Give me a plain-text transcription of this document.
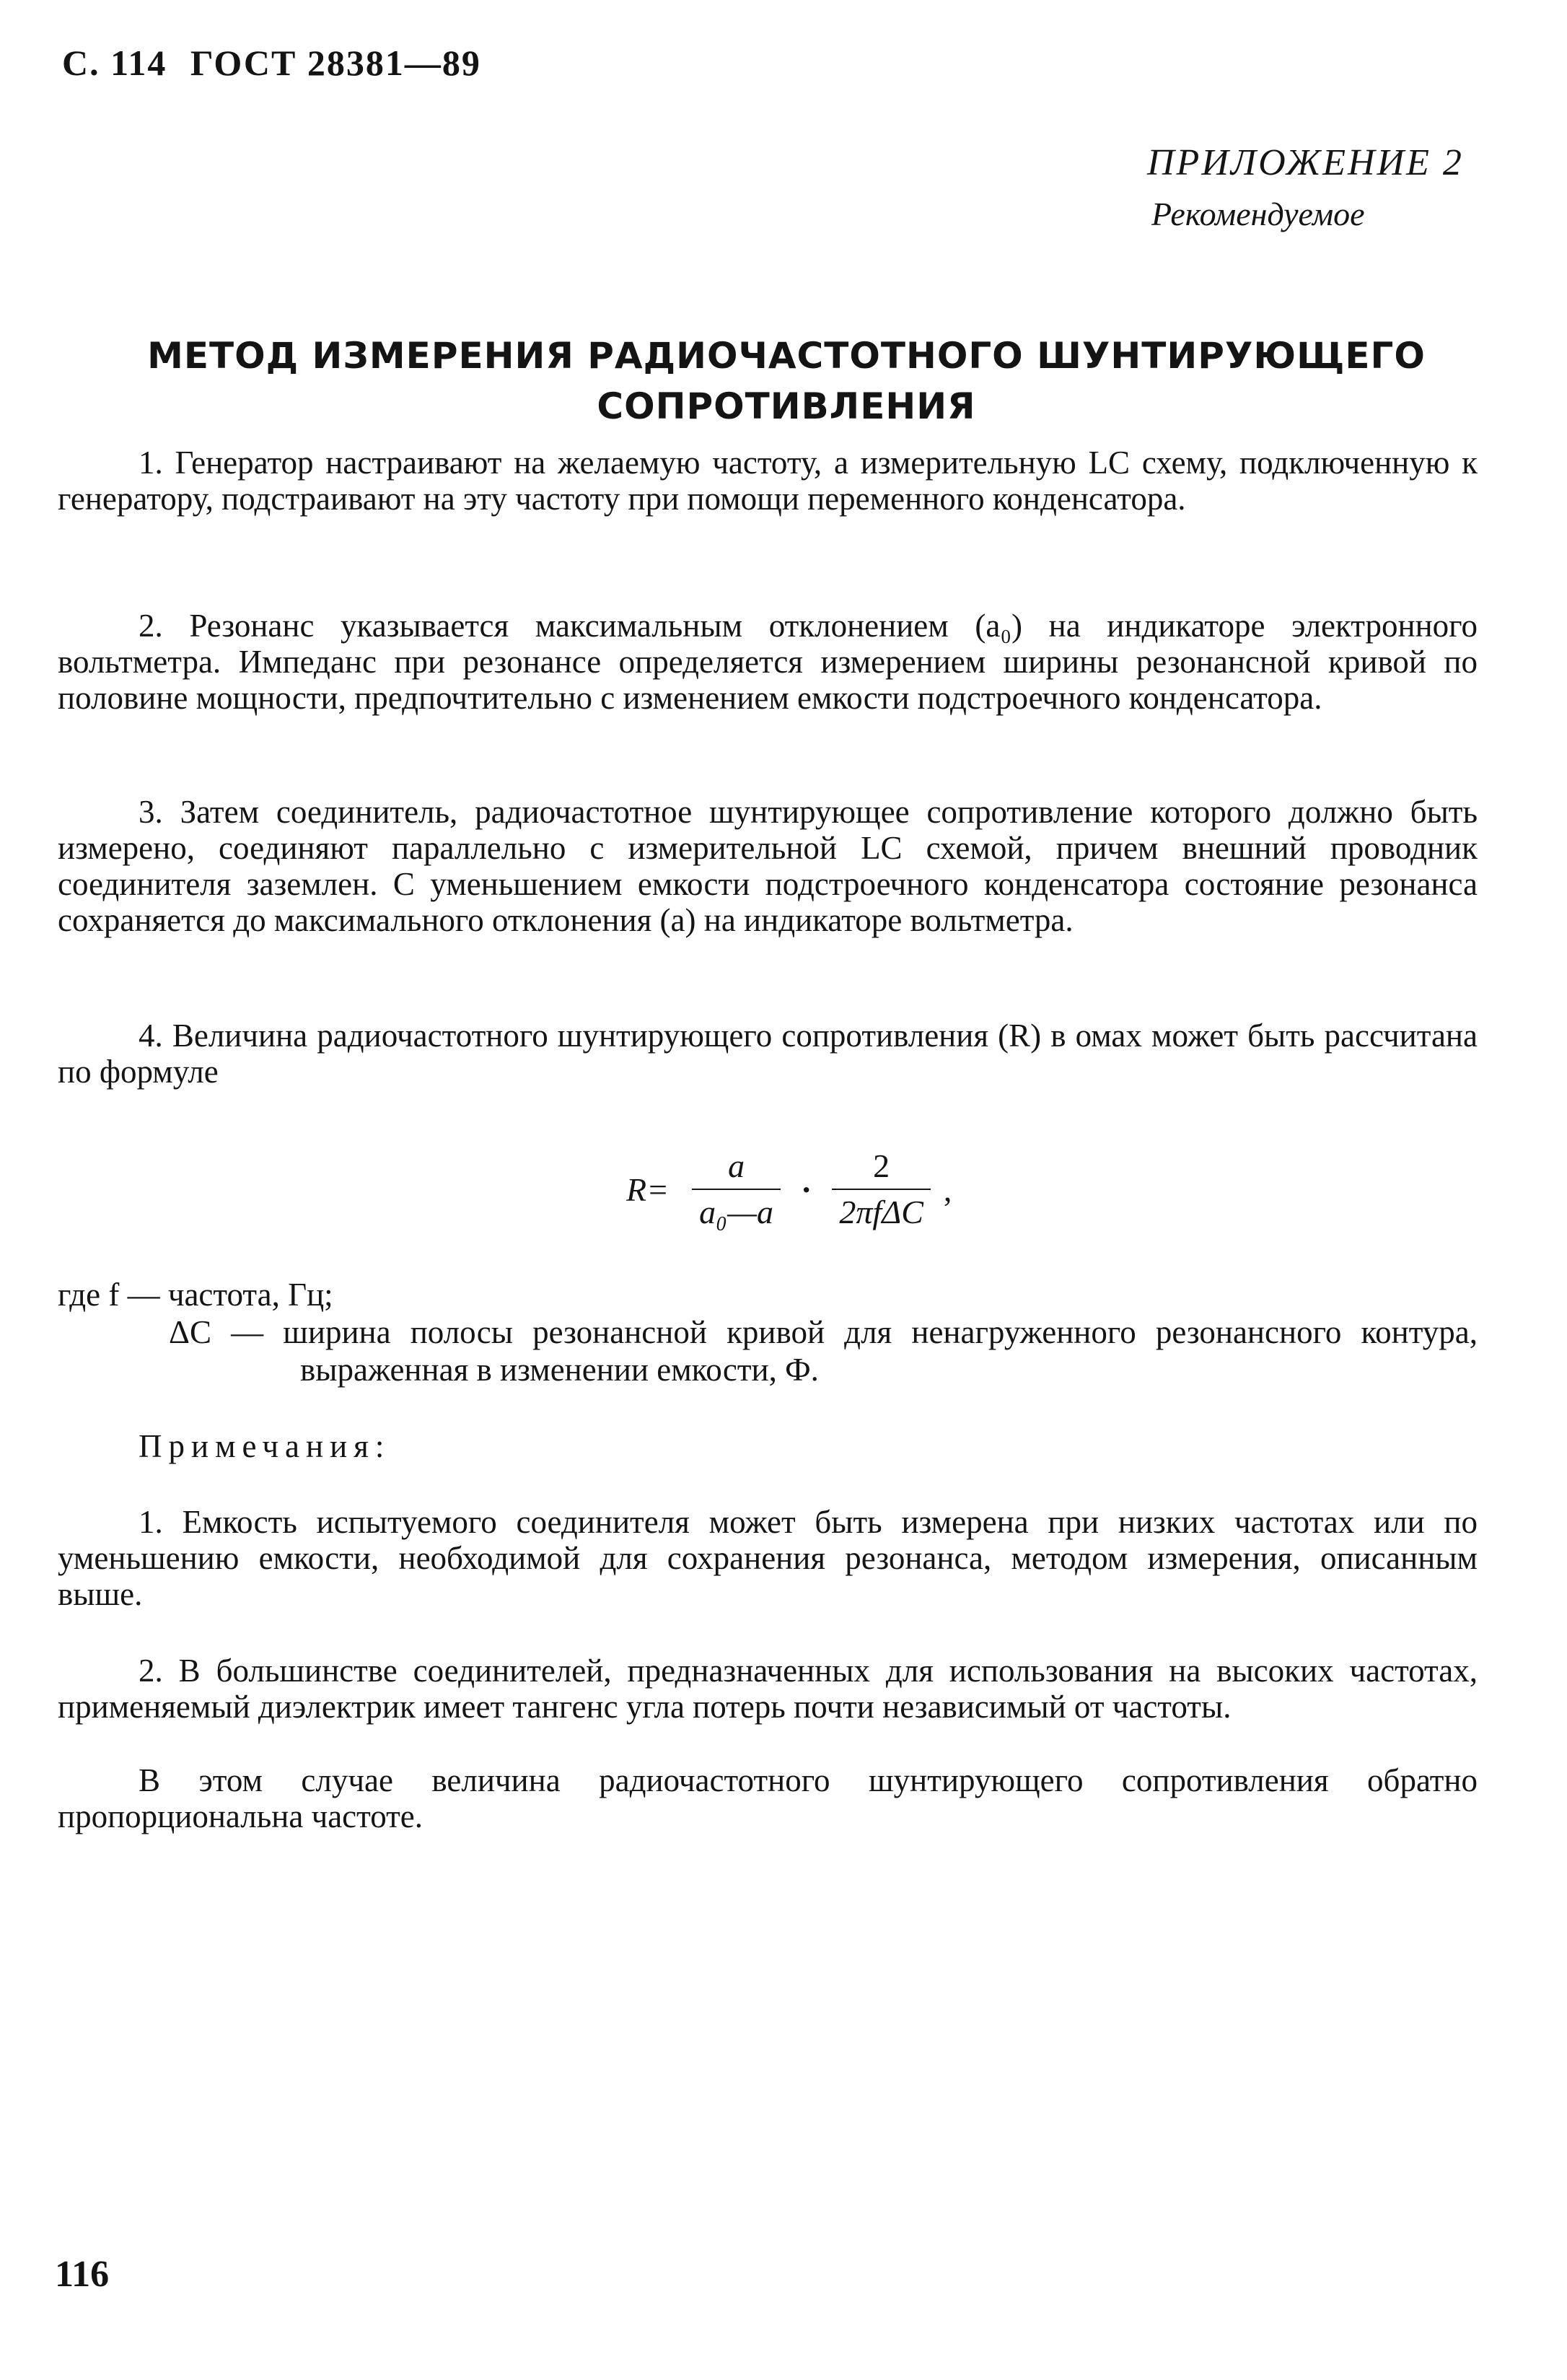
С. 114 ГОСТ 28381—89
ПРИЛОЖЕНИЕ 2
Рекомендуемое
МЕТОД ИЗМЕРЕНИЯ РАДИОЧАСТОТНОГО ШУНТИРУЮЩЕГО
СОПРОТИВЛЕНИЯ

1. Генератор настраивают на желаемую частоту, а измерительную LC схему, подключенную к генератору, подстраивают на эту частоту при помощи переменного конденсатора.

2. Резонанс указывается максимальным отклонением (a₀) на индикаторе электронного вольтметра. Импеданс при резонансе определяется измерением ширины резонансной кривой по половине мощности, предпочтительно с изменением емкости подстроечного конденсатора.

3. Затем соединитель, радиочастотное шунтирующее сопротивление которого должно быть измерено, соединяют параллельно с измерительной LC схемой, причем внешний проводник соединителя заземлен. С уменьшением емкости подстроечного конденсатора состояние резонанса сохраняется до максимального отклонения (a) на индикаторе вольтметра.

4. Величина радиочастотного шунтирующего сопротивления (R) в омах может быть рассчитана по формуле

$R= \frac{a}{\text{a₀—a}} \cdot \frac{2}{\text{2πfΔC}}$ ,

где f — частота, Гц;

ΔC — ширина полосы резонансной кривой для ненагруженного резонансного контура, выраженная в изменении емкости, Ф.

Примечания:

1. Емкость испытуемого соединителя может быть измерена при низких частотах или по уменьшению емкости, необходимой для сохранения резонанса, методом измерения, описанным выше.

2. В большинстве соединителей, предназначенных для использования на высоких частотах, применяемый диэлектрик имеет тангенс угла потерь почти независимый от частоты.

В этом случае величина радиочастотного шунтирующего сопротивления обратно пропорциональна частоте.

116
